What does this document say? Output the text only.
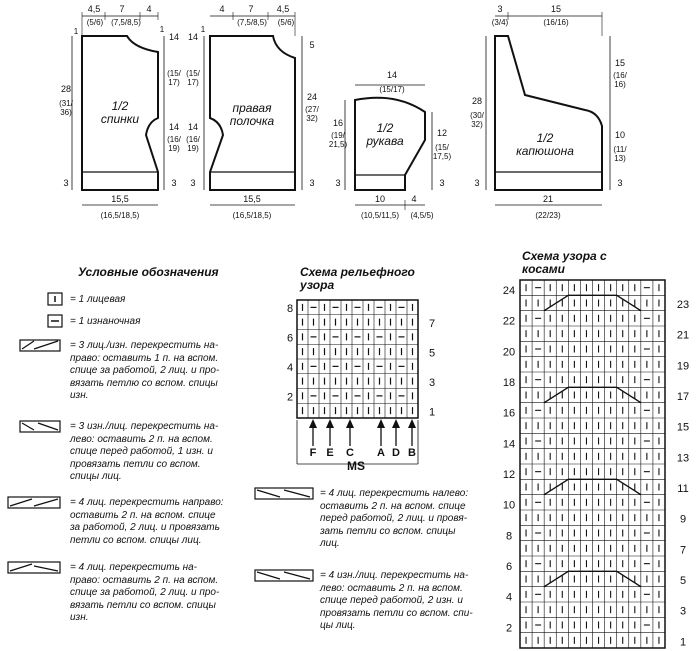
1/2 спинки
4,5
(5/6)
7
(7,5/8,5)
4
28
(31/ 36)
1	1
14
(15/ 17)
14
(16/ 19)
3
3
15,5
(16,5/18,5)
правая полочка
4	7
(7,5/8,5)
4,5
(5/6)
5
24
(27/ 32)
3
1
14
(15/ 17)
14
(16/ 19)
3
15,5
(16,5/18,5)
1/2 рукава
14
(15/17)
16
(19/ 21,5)
3
12
(15/ 17,5)
3
10
(10,5/11,5)
4
(4,5/5)
1/2 капюшона
3
(3/4)
15
(16/16)
28
(30/ 32)
3
15
(16/ 16)
10
(11/ 13)
3
21
(22/23)
8
6
4
2
7
5
3
1
F E C A D B
MS
24
22
20
18
16
14
12
10
8
6
4
2
23
21
19
17
15
13
11
9
7
5
3
1
Условные обозначения
= 1 лицевая
= 1 изнаночная
= 3 лиц./изн. перекрестить на-
право: оставить 1 п. на вспом.
спице за работой, 2 лиц. и про-
вязать петлю со вспом. спицы
изн.
= 3 изн./лиц. перекрестить на-
лево: оставить 2 п. на вспом.
спице перед работой, 1 изн. и
провязать петли со вспом.
спицы лиц.
= 4 лиц. перекрестить направо:
оставить 2 п. на вспом. спице
за работой, 2 лиц. и провязать
петли со вспом. спицы лиц.
= 4 лиц. перекрестить на-
право: оставить 2 п. на вспом.
спице за работой, 2 лиц. и про-
вязать петли со вспом. спицы
изн.
= 4 лиц. перекрестить налево:
оставить 2 п. на вспом. спице
перед работой, 2 лиц. и провя-
зать петли со вспом. спицы
лиц.
= 4 изн./лиц. перекрестить на-
лево: оставить 2 п. на вспом.
спице перед работой, 2 изн. и
провязать петли со вспом. спи-
цы лиц.
Схема рельефного
узора
Схема узора с
косами
